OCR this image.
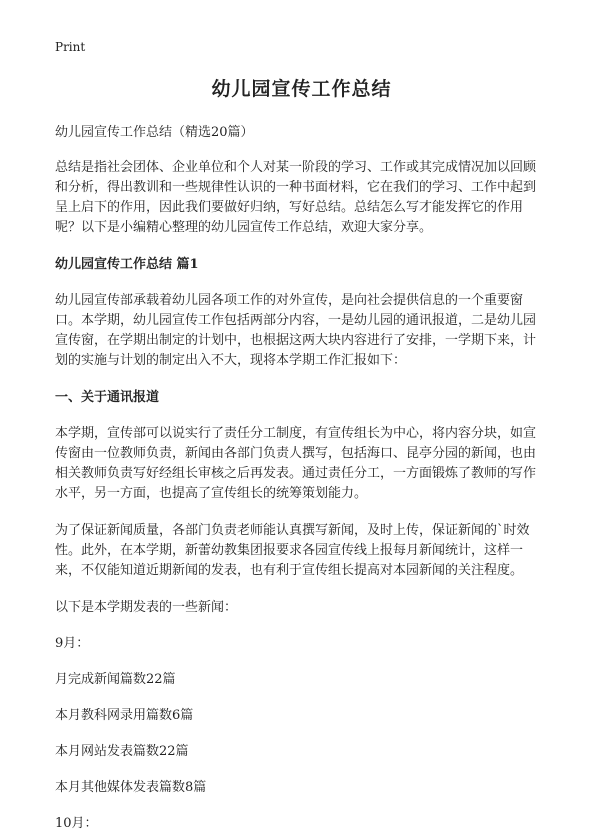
Print
幼儿园宣传工作总结

幼儿园宣传工作总结（精选20篇）

总结是指社会团体、企业单位和个人对某一阶段的学习、工作或其完成情况加以回顾和分析，得出教训和一些规律性认识的一种书面材料，它在我们的学习、工作中起到呈上启下的作用，因此我们要做好归纳，写好总结。总结怎么写才能发挥它的作用呢？以下是小编精心整理的幼儿园宣传工作总结，欢迎大家分享。

幼儿园宣传工作总结 篇1

幼儿园宣传部承载着幼儿园各项工作的对外宣传，是向社会提供信息的一个重要窗口。本学期，幼儿园宣传工作包括两部分内容，一是幼儿园的通讯报道，二是幼儿园宣传窗，在学期出制定的计划中，也根据这两大块内容进行了安排，一学期下来，计划的实施与计划的制定出入不大，现将本学期工作汇报如下：

一、关于通讯报道

本学期，宣传部可以说实行了责任分工制度，有宣传组长为中心，将内容分块，如宣传窗由一位教师负责，新闻由各部门负责人撰写，包括海口、昆亭分园的新闻，也由相关教师负责写好经组长审核之后再发表。通过责任分工，一方面锻炼了教师的写作水平，另一方面，也提高了宣传组长的统筹策划能力。

为了保证新闻质量，各部门负责老师能认真撰写新闻，及时上传，保证新闻的`时效性。此外，在本学期，新蕾幼教集团报要求各园宣传线上报每月新闻统计，这样一来，不仅能知道近期新闻的发表，也有利于宣传组长提高对本园新闻的关注程度。

以下是本学期发表的一些新闻：

9月：

月完成新闻篇数22篇

本月教科网录用篇数6篇

本月网站发表篇数22篇

本月其他媒体发表篇数8篇

10月：
